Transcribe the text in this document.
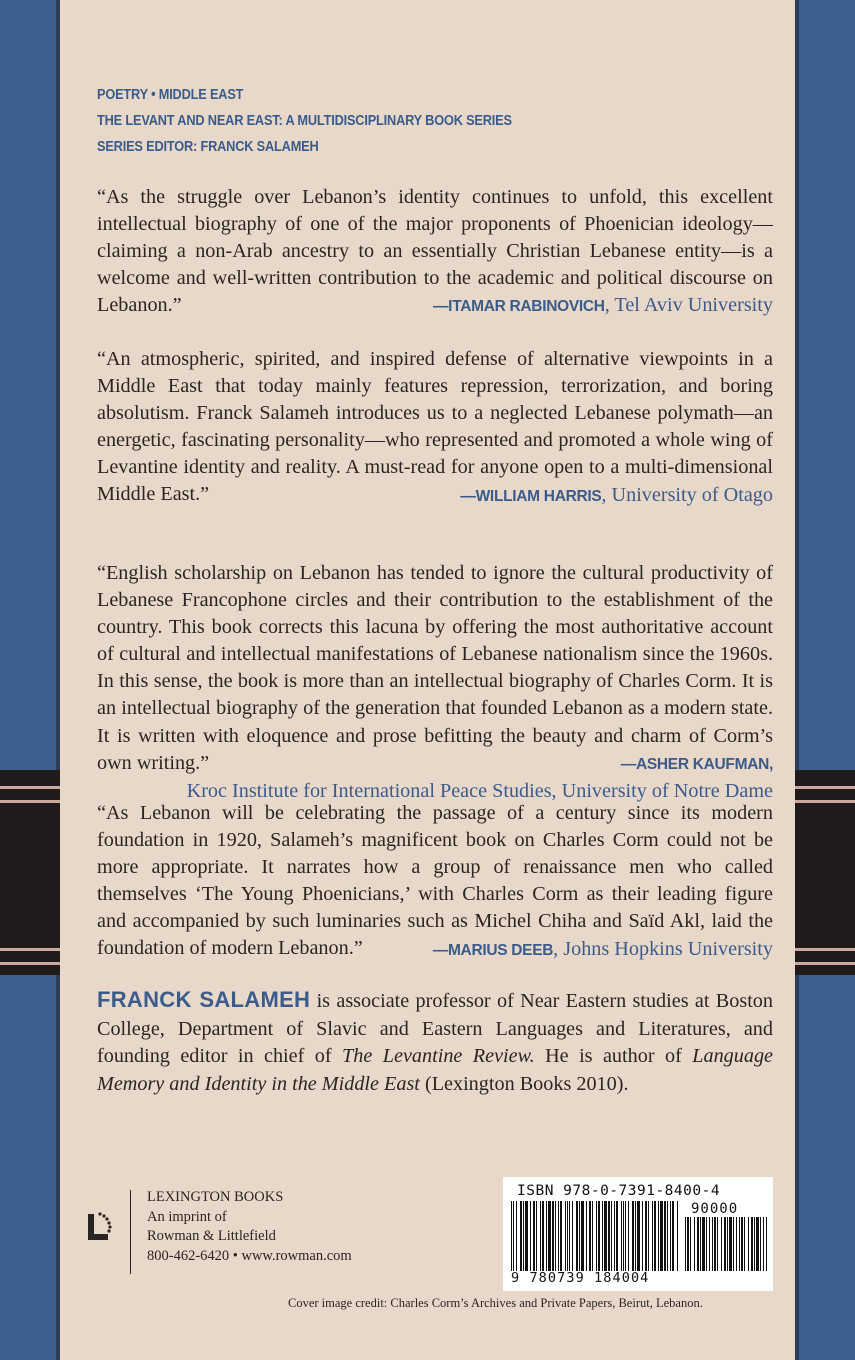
POETRY • MIDDLE EAST
THE LEVANT AND NEAR EAST: A MULTIDISCIPLINARY BOOK SERIES
SERIES EDITOR: FRANCK SALAMEH
“As the struggle over Lebanon’s identity continues to unfold, this excellent intellectual biography of one of the major proponents of Phoenician ideology—claiming a non-Arab ancestry to an essentially Christian Lebanese entity—is a welcome and well-written contribution to the academic and political discourse on Lebanon.”	—ITAMAR RABINOVICH, Tel Aviv University
“An atmospheric, spirited, and inspired defense of alternative viewpoints in a Middle East that today mainly features repression, terrorization, and boring absolutism. Franck Salameh introduces us to a neglected Lebanese polymath—an energetic, fascinating personality—who represented and promoted a whole wing of Levantine identity and reality. A must-read for anyone open to a multi-dimensional Middle East.”	—WILLIAM HARRIS, University of Otago
“English scholarship on Lebanon has tended to ignore the cultural productivity of Lebanese Francophone circles and their contribution to the establishment of the country. This book corrects this lacuna by offering the most authoritative account of cultural and intellectual manifestations of Lebanese nationalism since the 1960s. In this sense, the book is more than an intellectual biography of Charles Corm. It is an intellectual biography of the generation that founded Lebanon as a modern state. It is written with eloquence and prose befitting the beauty and charm of Corm’s own writing.”	—ASHER KAUFMAN,
Kroc Institute for International Peace Studies, University of Notre Dame
“As Lebanon will be celebrating the passage of a century since its modern foundation in 1920, Salameh’s magnificent book on Charles Corm could not be more appropriate. It narrates how a group of renaissance men who called themselves ‘The Young Phoenicians,’ with Charles Corm as their leading figure and accompanied by such luminaries such as Michel Chiha and Saïd Akl, laid the foundation of modern Lebanon.”	—MARIUS DEEB, Johns Hopkins University
FRANCK SALAMEH is associate professor of Near Eastern studies at Boston College, Department of Slavic and Eastern Languages and Literatures, and founding editor in chief of The Levantine Review. He is author of Language Memory and Identity in the Middle East (Lexington Books 2010).
LEXINGTON BOOKS
An imprint of
Rowman & Littlefield
800-462-6420 • www.rowman.com
ISBN 978-0-7391-8400-4
90000
9 780739 184004
Cover image credit: Charles Corm’s Archives and Private Papers, Beirut, Lebanon.
